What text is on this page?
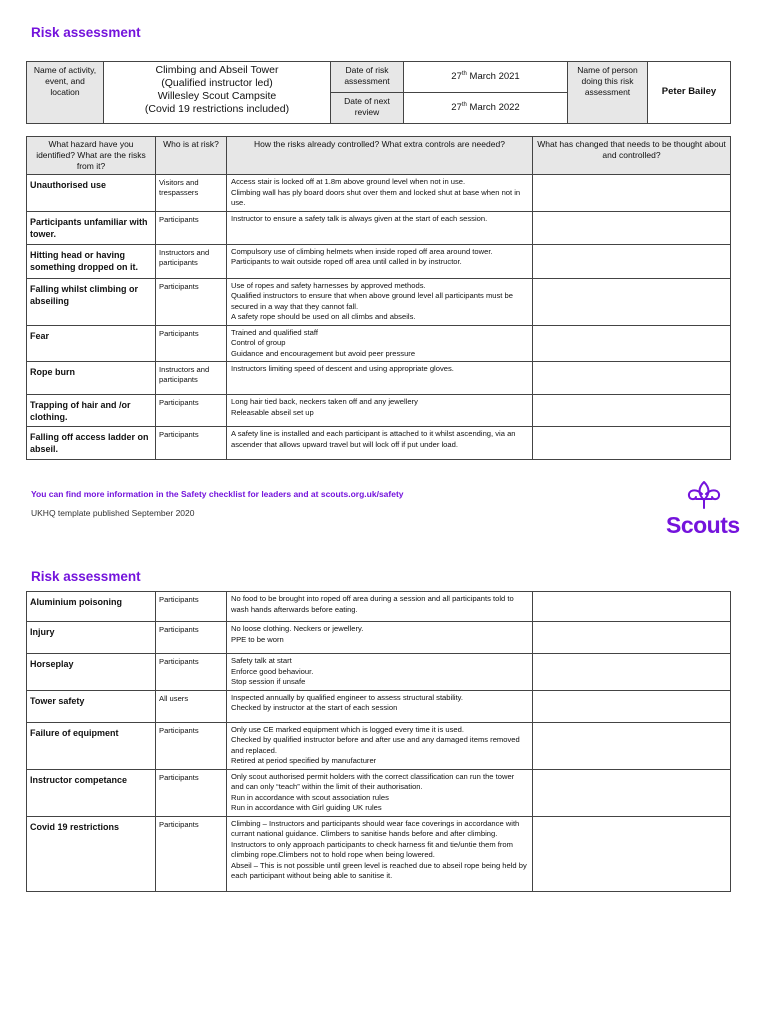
Risk assessment
Name of activity, event, and location	Climbing and Abseil Tower
(Qualified instructor led)
Willesley Scout Campsite
(Covid 19 restrictions included)	Date of risk assessment	27th March 2021	Name of person doing this risk assessment	Peter Bailey
		Date of next review	27th March 2022		
What hazard have you identified? What are the risks from it?	Who is at risk?	How the risks already controlled? What extra controls are needed?	What has changed that needs to be thought about and controlled?
Unauthorised use	Visitors and trespassers	Access stair is locked off at 1.8m above ground level when not in use.
Climbing wall has ply board doors shut over them and locked shut at base when not in use.	

Participants unfamiliar with tower.	Participants	Instructor to ensure a safety talk is always given at the start of each session.	

Hitting head or having something dropped on it.	Instructors and participants	Compulsory use of climbing helmets when inside roped off area around tower.
Participants to wait outside roped off area until called in by instructor.	

Falling whilst climbing or abseiling	Participants	Use of ropes and safety harnesses by approved methods.
Qualified instructors to ensure that when above ground level all participants must be secured in a way that they cannot fall.
A safety rope should be used on all climbs and abseils.	

Fear	Participants	Trained and qualified staff
Control of group
Guidance and encouragement but avoid peer pressure	

Rope burn	Instructors and participants	Instructors limiting speed of descent and using appropriate gloves.	

Trapping of hair and /or clothing.	Participants	Long hair tied back, neckers taken off and any jewellery
Releasable abseil set up	

Falling off access ladder on abseil.	Participants	A safety line is installed and each participant is attached to it whilst ascending, via an ascender that allows upward travel but will lock off if put under load.	

You can find more information in the Safety checklist for leaders and at scouts.org.uk/safety
UKHQ template published September 2020	Scouts
Risk assessment
Aluminium poisoning	Participants	No food to be brought into roped off area during a session and all participants told to wash hands afterwards before eating.	

Injury	Participants	No loose clothing. Neckers or jewellery.
PPE to be worn	

Horseplay	Participants	Safety talk at start
Enforce good behaviour.
Stop session if unsafe	

Tower safety	All users	Inspected annually by qualified engineer to assess structural stability.
Checked by instructor at the start of each session	

Failure of equipment	Participants	Only use CE marked equipment which is logged every time it is used.
Checked by qualified instructor before and after use and any damaged items removed and replaced.
Retired at period specified by manufacturer	

Instructor competance	Participants	Only scout authorised permit holders with the correct classification can run the tower and can only “teach” within the limit of their authorisation.
Run in accordance with scout association rules
Run in accordance with Girl guiding UK rules	

Covid 19 restrictions	Participants	Climbing – Instructors and participants should wear face coverings in accordance with currant national guidance. Climbers to sanitise hands before and after climbing. Instructors to only approach participants to check harness fit and tie/untie them from climbing rope.Climbers not to hold rope when being lowered.
Abseil – This is not possible until green level is reached due to abseil rope being held by each participant without being able to sanitise it.	
